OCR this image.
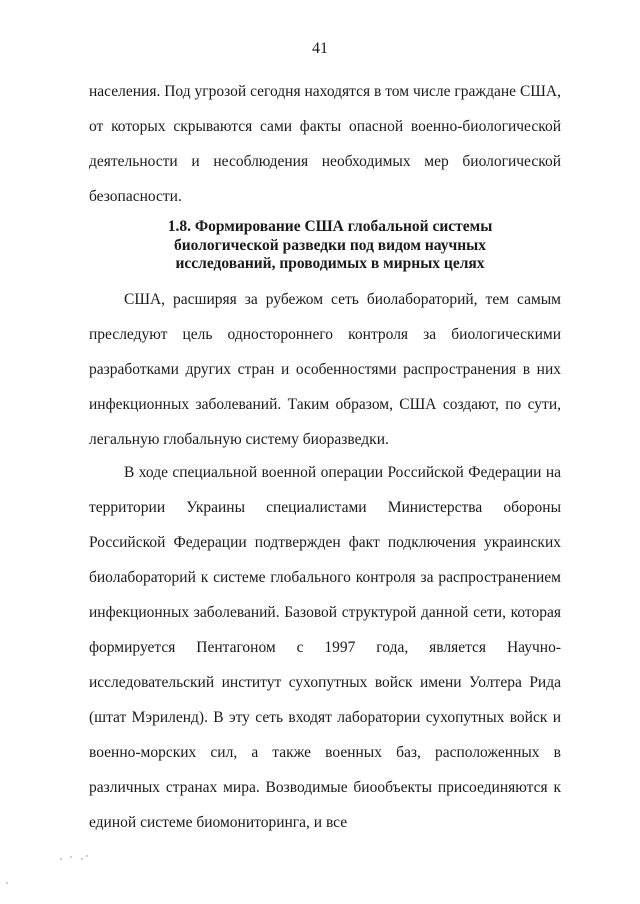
41

населения. Под угрозой сегодня находятся в том числе граждане США, от которых скрываются сами факты опасной военно-биологической деятельности и несоблюдения необходимых мер биологической безопасности.

1.8. Формирование США глобальной системы
биологической разведки под видом научных
исследований, проводимых в мирных целях

США, расширяя за рубежом сеть биолабораторий, тем самым преследуют цель одностороннего контроля за биологическими разработками других стран и особенностями распространения в них инфекционных заболеваний. Таким образом, США создают, по сути, легальную глобальную систему биоразведки.

В ходе специальной военной операции Российской Федерации на территории Украины специалистами Министерства обороны Российской Федерации подтвержден факт подключения украинских биолабораторий к системе глобального контроля за распространением инфекционных заболеваний. Базовой структурой данной сети, которая формируется Пентагоном с 1997 года, является Научно-исследовательский институт сухопутных войск имени Уолтера Рида (штат Мэриленд). В эту сеть входят лаборатории сухопутных войск и военно-морских сил, а также военных баз, расположенных в различных странах мира. Возводимые биообъекты присоединяются к единой системе биомониторинга, и все
